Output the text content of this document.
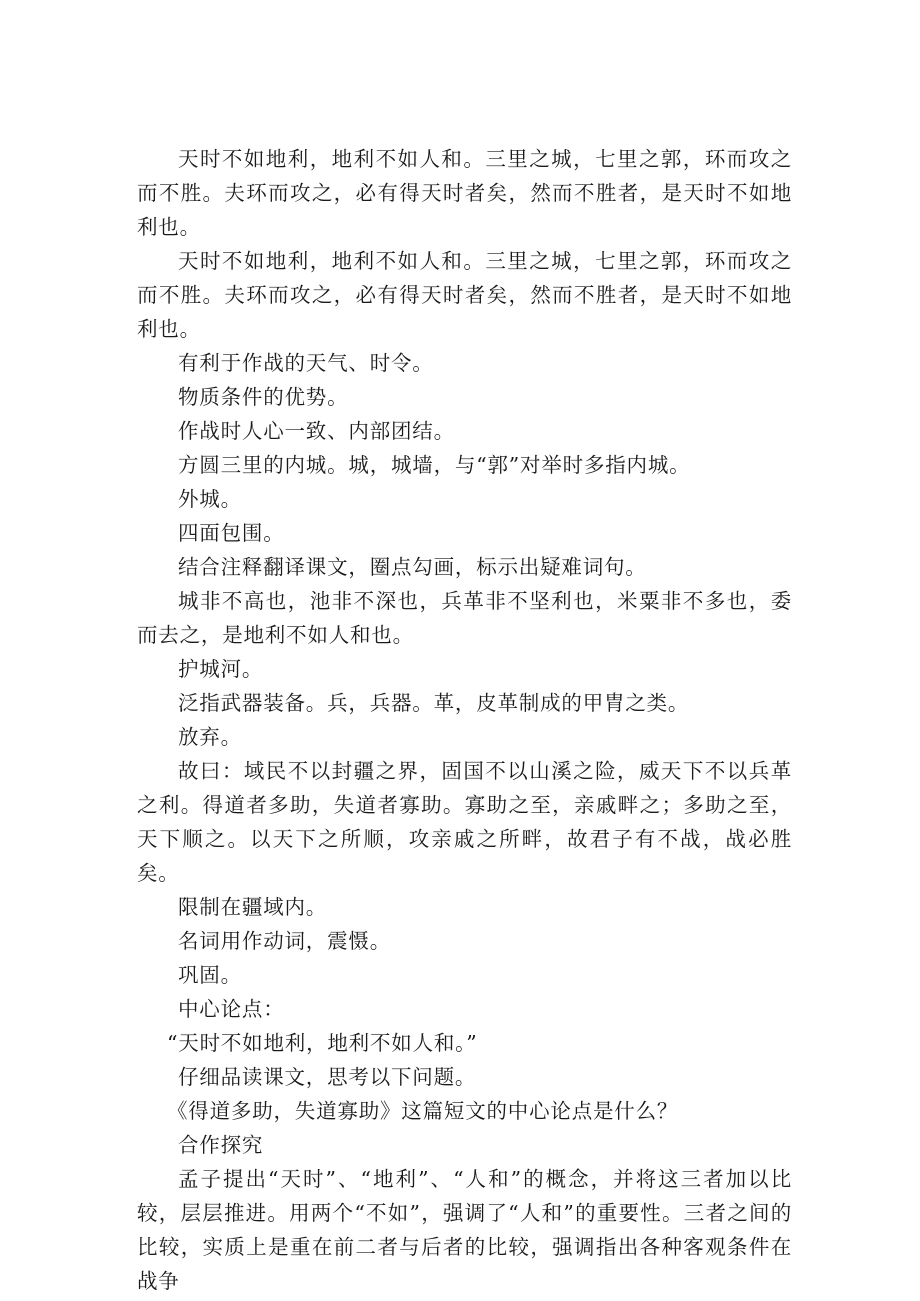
天时不如地利，地利不如人和。三里之城，七里之郭，环而攻之而不胜。夫环而攻之，必有得天时者矣，然而不胜者，是天时不如地利也。

天时不如地利，地利不如人和。三里之城，七里之郭，环而攻之而不胜。夫环而攻之，必有得天时者矣，然而不胜者，是天时不如地利也。

有利于作战的天气、时令。

物质条件的优势。

作战时人心一致、内部团结。

方圆三里的内城。城，城墙，与“郭”对举时多指内城。

外城。

四面包围。

结合注释翻译课文，圈点勾画，标示出疑难词句。

城非不高也，池非不深也，兵革非不坚利也，米粟非不多也，委而去之，是地利不如人和也。

护城河。

泛指武器装备。兵，兵器。革，皮革制成的甲胄之类。

放弃。

故曰：域民不以封疆之界，固国不以山溪之险，威天下不以兵革之利。得道者多助，失道者寡助。寡助之至，亲戚畔之；多助之至，天下顺之。以天下之所顺，攻亲戚之所畔，故君子有不战，战必胜矣。

限制在疆域内。

名词用作动词，震慑。

巩固。

中心论点：

“天时不如地利，地利不如人和。”

仔细品读课文，思考以下问题。

《得道多助，失道寡助》这篇短文的中心论点是什么？

合作探究

孟子提出“天时”、“地利”、“人和”的概念，并将这三者加以比较，层层推进。用两个“不如”，强调了“人和”的重要性。三者之间的比较，实质上是重在前二者与后者的比较，强调指出各种客观条件在战争
